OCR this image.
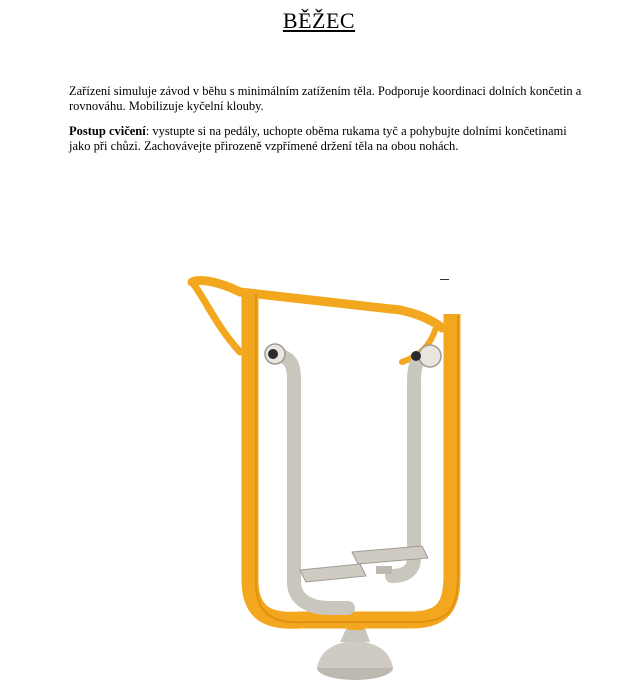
BĚŽEC

Zařízení simuluje závod v běhu s minimálním zatížením těla. Podporuje koordinaci dolních končetin a rovnováhu. Mobilizuje kyčelní klouby.

Postup cvičení: vystupte si na pedály, uchopte oběma rukama tyč a pohybujte dolními končetinami jako při chůzi. Zachovávejte přirozeně vzpřímené držení těla na obou nohách.
